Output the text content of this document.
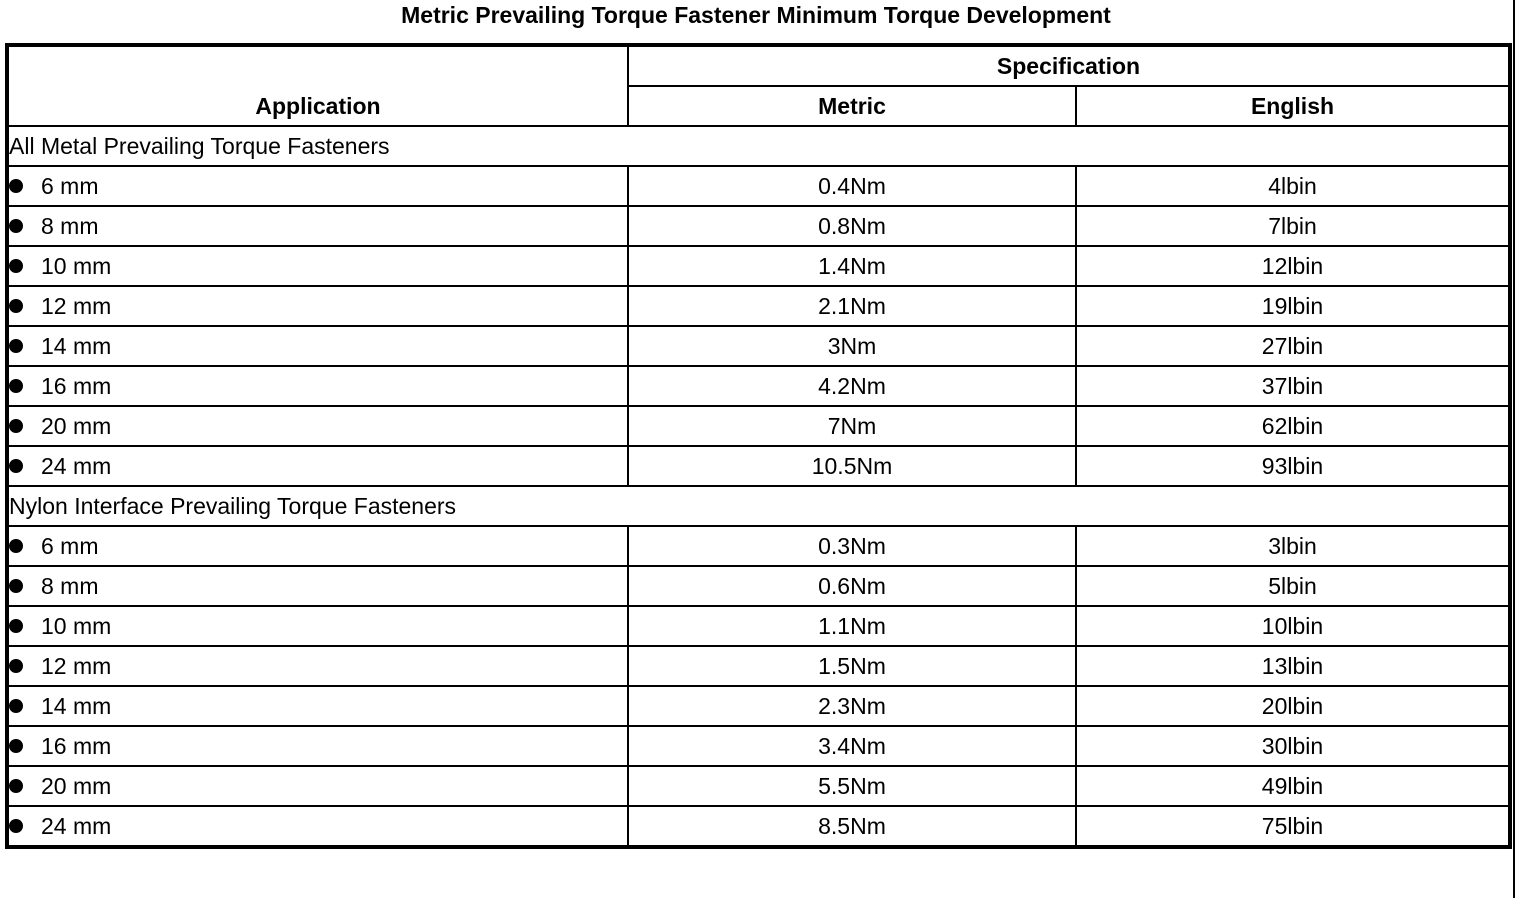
Metric Prevailing Torque Fastener Minimum Torque Development
Application	Specification	
	Metric	English
All Metal Prevailing Torque Fasteners		
6 mm	0.4Nm	4lbin
8 mm	0.8Nm	7lbin
10 mm	1.4Nm	12lbin
12 mm	2.1Nm	19lbin
14 mm	3Nm	27lbin
16 mm	4.2Nm	37lbin
20 mm	7Nm	62lbin
24 mm	10.5Nm	93lbin
Nylon Interface Prevailing Torque Fasteners		
6 mm	0.3Nm	3lbin
8 mm	0.6Nm	5lbin
10 mm	1.1Nm	10lbin
12 mm	1.5Nm	13lbin
14 mm	2.3Nm	20lbin
16 mm	3.4Nm	30lbin
20 mm	5.5Nm	49lbin
24 mm	8.5Nm	75lbin
